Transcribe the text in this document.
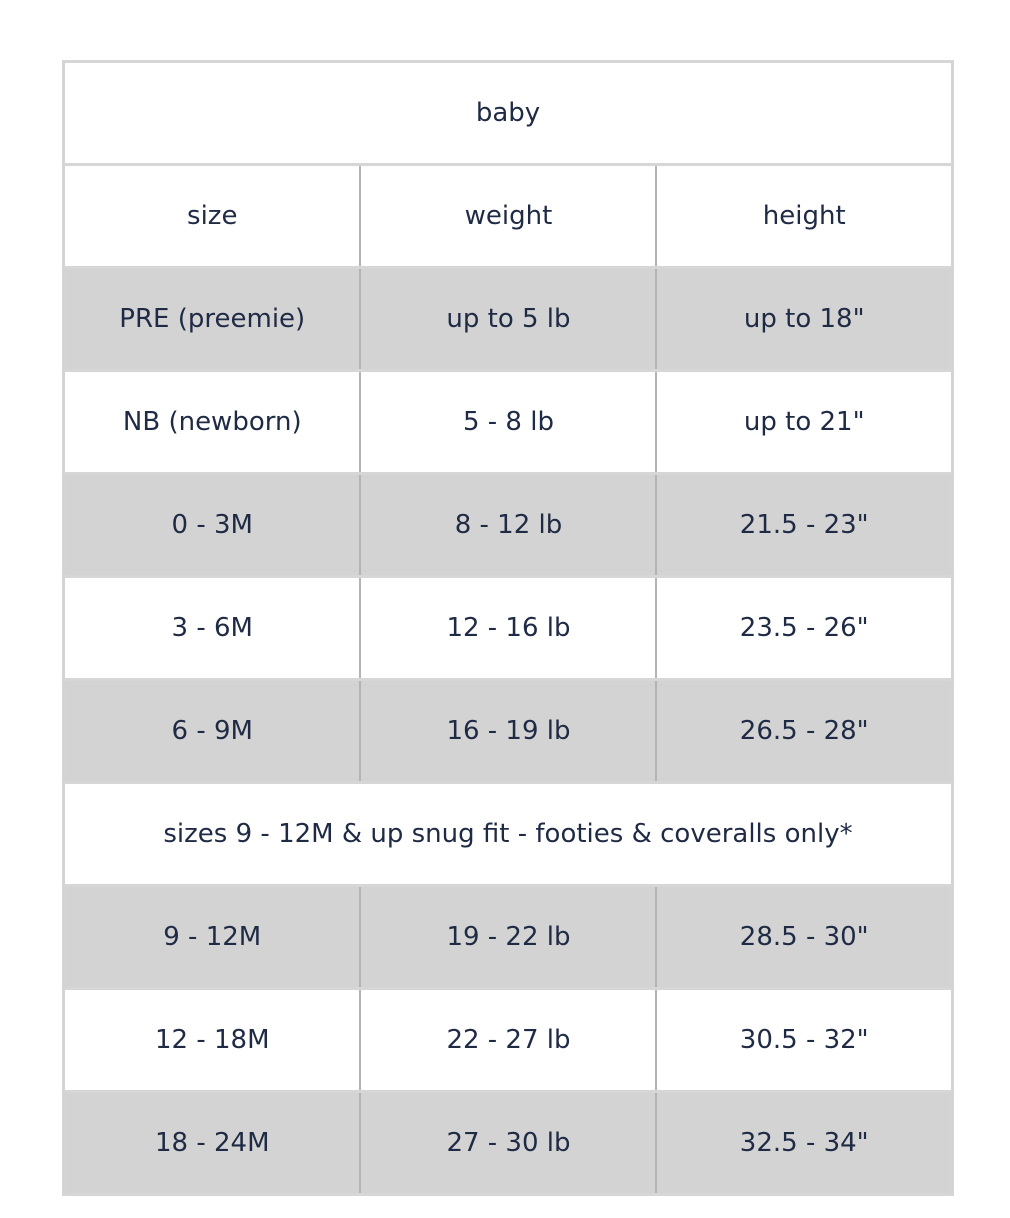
baby		
size	weight	height
PRE (preemie)	up to 5 lb	up to 18"
NB (newborn)	5 - 8 lb	up to 21"
0 - 3M	8 - 12 lb	21.5 - 23"
3 - 6M	12 - 16 lb	23.5 - 26"
6 - 9M	16 - 19 lb	26.5 - 28"
sizes 9 - 12M & up snug fit - footies & coveralls only*		
9 - 12M	19 - 22 lb	28.5 - 30"
12 - 18M	22 - 27 lb	30.5 - 32"
18 - 24M	27 - 30 lb	32.5 - 34"
